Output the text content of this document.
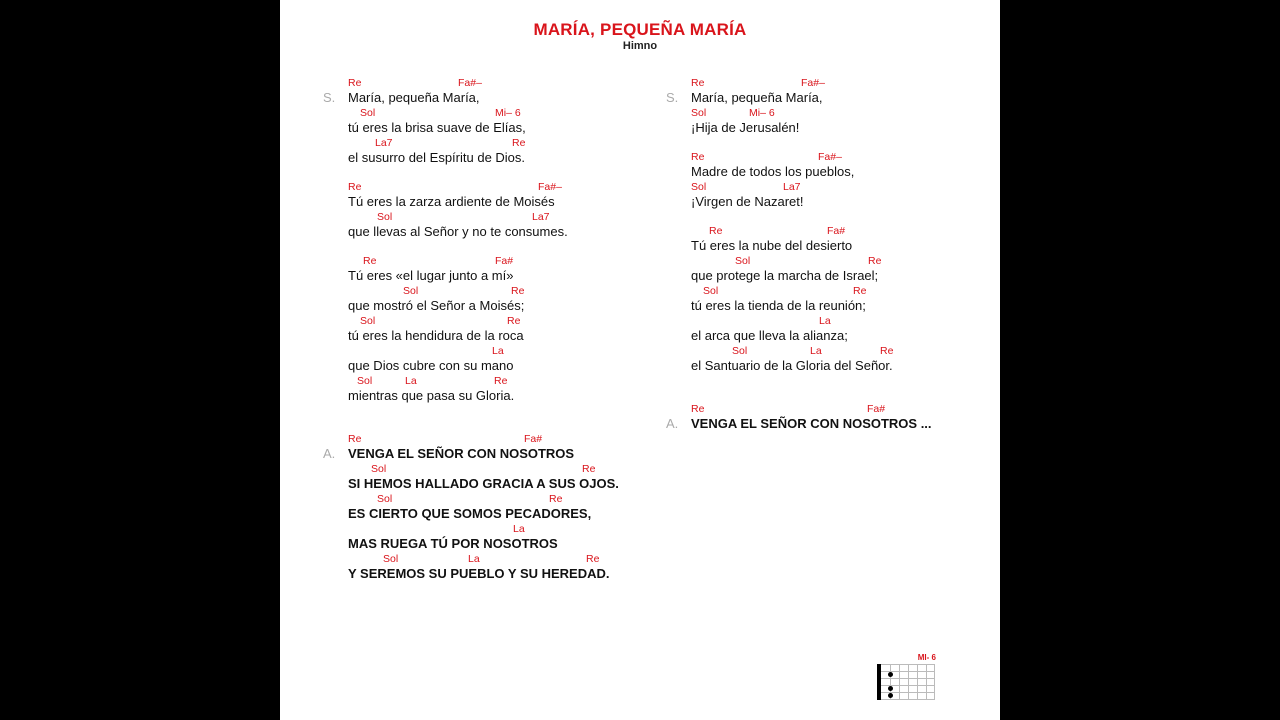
MARÍA, PEQUEÑA MARÍA
Himno
S.
A.
S.
A.
Re	Fa#–
María, pequeña María,
Sol	Mi– 6
tú eres la brisa suave de Elías,
La7	Re
el susurro del Espíritu de Dios.
Re	Fa#–
Tú eres la zarza ardiente de Moisés
Sol	La7
que llevas al Señor y no te consumes.
Re	Fa#
Tú eres «el lugar junto a mí»
Sol	Re
que mostró el Señor a Moisés;
Sol	Re
tú eres la hendidura de la roca
La
que Dios cubre con su mano
Sol	La	Re
mientras que pasa su Gloria.
Re	Fa#
VENGA EL SEÑOR CON NOSOTROS
Sol	Re
SI HEMOS HALLADO GRACIA A SUS OJOS.
Sol	Re
ES CIERTO QUE SOMOS PECADORES,
La
MAS RUEGA TÚ POR NOSOTROS
Sol	La	Re
Y SEREMOS SU PUEBLO Y SU HEREDAD.
Re	Fa#–
María, pequeña María,
Sol	Mi– 6
¡Hija de Jerusalén!
Re	Fa#–
Madre de todos los pueblos,
Sol	La7
¡Virgen de Nazaret!
Re	Fa#
Tú eres la nube del desierto
Sol	Re
que protege la marcha de Israel;
Sol	Re
tú eres la tienda de la reunión;
La
el arca que lleva la alianza;
Sol	La	Re
el Santuario de la Gloria del Señor.
Re	Fa#
VENGA EL SEÑOR CON NOSOTROS ...
MI- 6
